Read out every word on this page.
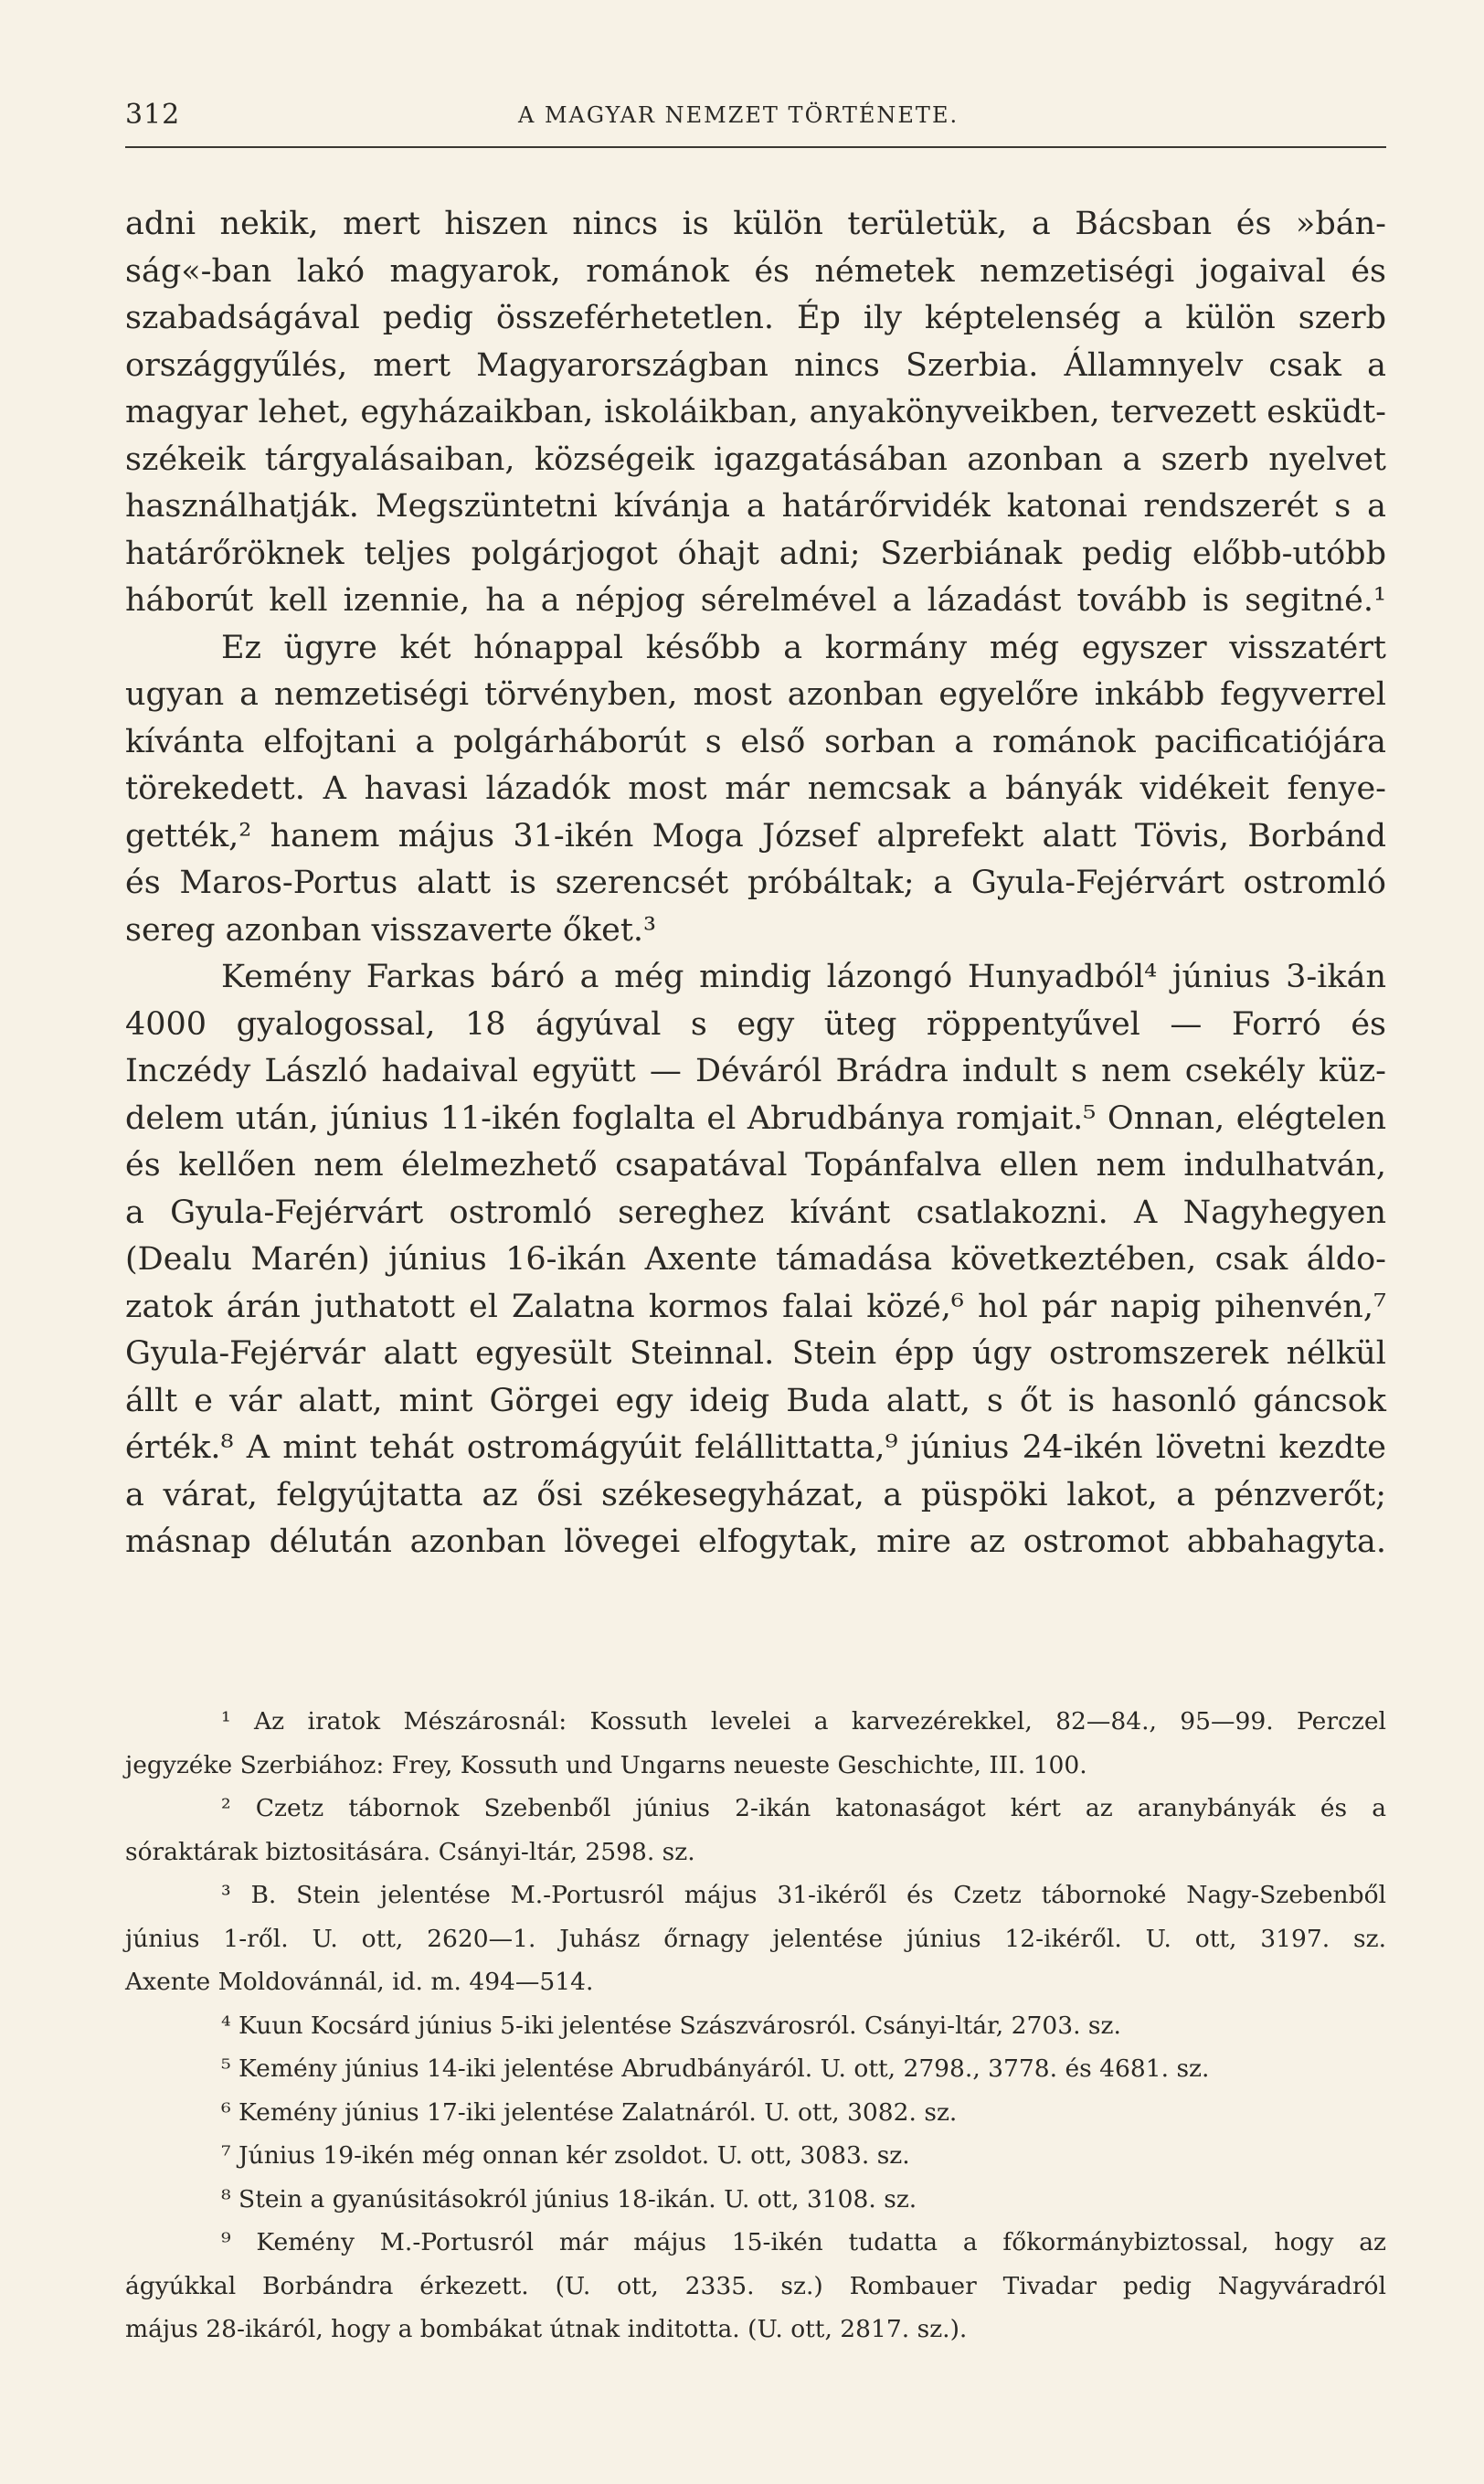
312	A MAGYAR NEMZET TÖRTÉNETE.
adni nekik, mert hiszen nincs is külön területük, a Bácsban és »bán-
ság«-ban lakó magyarok, románok és németek nemzetiségi jogaival és
szabadságával pedig összeférhetetlen. Ép ily képtelenség a külön szerb
országgyűlés, mert Magyarországban nincs Szerbia. Államnyelv csak a
magyar lehet, egyházaikban, iskoláikban, anyakönyveikben, tervezett esküdt-
székeik tárgyalásaiban, községeik igazgatásában azonban a szerb nyelvet
használhatják. Megszüntetni kívánja a határőrvidék katonai rendszerét s a
határőröknek teljes polgárjogot óhajt adni; Szerbiának pedig előbb-utóbb
háborút kell izennie, ha a népjog sérelmével a lázadást tovább is segitné.¹
Ez ügyre két hónappal később a kormány még egyszer visszatért
ugyan a nemzetiségi törvényben, most azonban egyelőre inkább fegyverrel
kívánta elfojtani a polgárháborút s első sorban a románok pacificatiójára
törekedett. A havasi lázadók most már nemcsak a bányák vidékeit fenye-
gették,² hanem május 31-ikén Moga József alprefekt alatt Tövis, Borbánd
és Maros-Portus alatt is szerencsét próbáltak; a Gyula-Fejérvárt ostromló
sereg azonban visszaverte őket.³
Kemény Farkas báró a még mindig lázongó Hunyadból⁴ június 3-ikán
4000 gyalogossal, 18 ágyúval s egy üteg röppentyűvel — Forró és
Inczédy László hadaival együtt — Déváról Brádra indult s nem csekély küz-
delem után, június 11-ikén foglalta el Abrudbánya romjait.⁵ Onnan, elégtelen
és kellően nem élelmezhető csapatával Topánfalva ellen nem indulhatván,
a Gyula-Fejérvárt ostromló sereghez kívánt csatlakozni. A Nagyhegyen
(Dealu Marén) június 16-ikán Axente támadása következtében, csak áldo-
zatok árán juthatott el Zalatna kormos falai közé,⁶ hol pár napig pihenvén,⁷
Gyula-Fejérvár alatt egyesült Steinnal. Stein épp úgy ostromszerek nélkül
állt e vár alatt, mint Görgei egy ideig Buda alatt, s őt is hasonló gáncsok
érték.⁸ A mint tehát ostromágyúit felállittatta,⁹ június 24-ikén lövetni kezdte
a várat, felgyújtatta az ősi székesegyházat, a püspöki lakot, a pénzverőt;
másnap délután azonban lövegei elfogytak, mire az ostromot abbahagyta.
¹ Az iratok Mészárosnál: Kossuth levelei a karvezérekkel, 82—84., 95—99. Perczel
jegyzéke Szerbiához: Frey, Kossuth und Ungarns neueste Geschichte, III. 100.
² Czetz tábornok Szebenből június 2-ikán katonaságot kért az aranybányák és a
sóraktárak biztositására. Csányi-ltár, 2598. sz.
³ B. Stein jelentése M.-Portusról május 31-ikéről és Czetz tábornoké Nagy-Szebenből
június 1-ről. U. ott, 2620—1. Juhász őrnagy jelentése június 12-ikéről. U. ott, 3197. sz.
Axente Moldovánnál, id. m. 494—514.
⁴ Kuun Kocsárd június 5-iki jelentése Szászvárosról. Csányi-ltár, 2703. sz.
⁵ Kemény június 14-iki jelentése Abrudbányáról. U. ott, 2798., 3778. és 4681. sz.
⁶ Kemény június 17-iki jelentése Zalatnáról. U. ott, 3082. sz.
⁷ Június 19-ikén még onnan kér zsoldot. U. ott, 3083. sz.
⁸ Stein a gyanúsitásokról június 18-ikán. U. ott, 3108. sz.
⁹ Kemény M.-Portusról már május 15-ikén tudatta a főkormánybiztossal, hogy az
ágyúkkal Borbándra érkezett. (U. ott, 2335. sz.) Rombauer Tivadar pedig Nagyváradról
május 28-ikáról, hogy a bombákat útnak inditotta. (U. ott, 2817. sz.).
